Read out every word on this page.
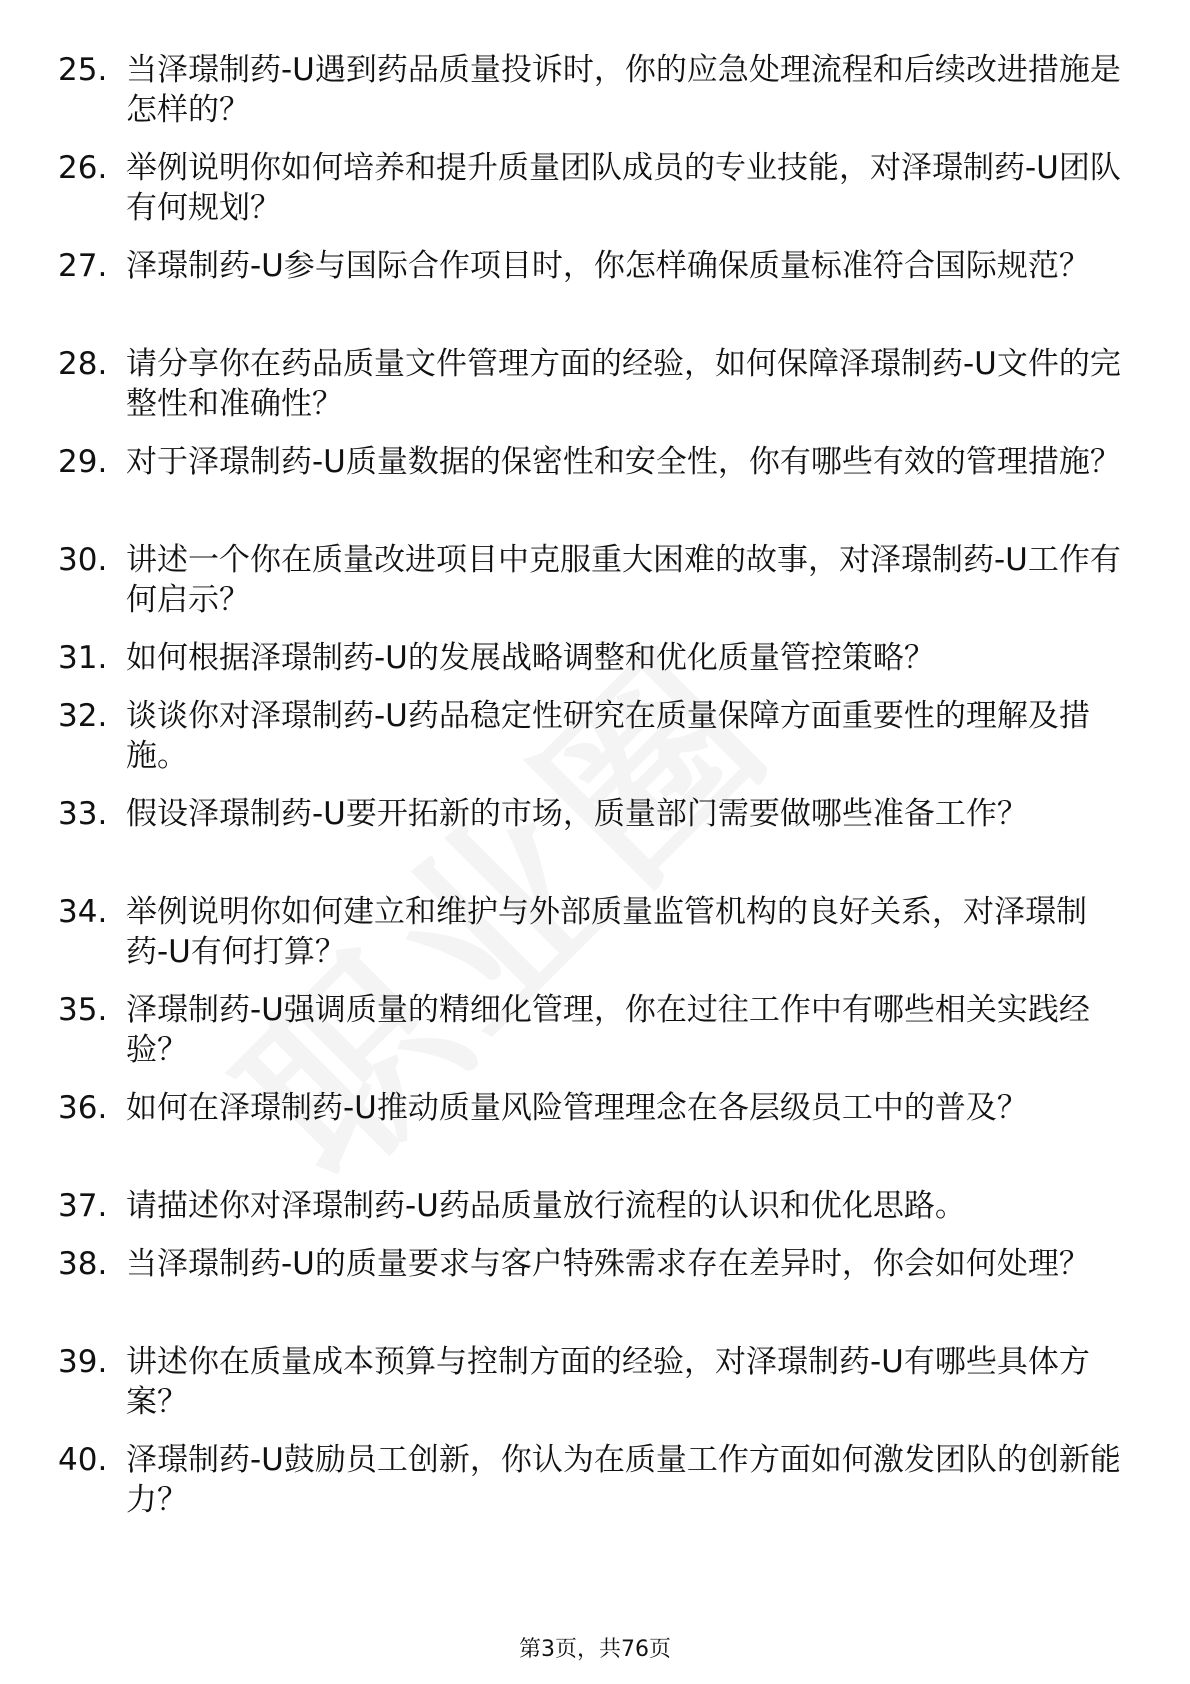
25. 当泽璟制药-U遇到药品质量投诉时，你的应急处理流程和后续改进措施是怎样的？
26. 举例说明你如何培养和提升质量团队成员的专业技能，对泽璟制药-U团队有何规划？
27. 泽璟制药-U参与国际合作项目时，你怎样确保质量标准符合国际规范？
28. 请分享你在药品质量文件管理方面的经验，如何保障泽璟制药-U文件的完整性和准确性？
29. 对于泽璟制药-U质量数据的保密性和安全性，你有哪些有效的管理措施？
30. 讲述一个你在质量改进项目中克服重大困难的故事，对泽璟制药-U工作有何启示？
31. 如何根据泽璟制药-U的发展战略调整和优化质量管控策略？
32. 谈谈你对泽璟制药-U药品稳定性研究在质量保障方面重要性的理解及措施。
33. 假设泽璟制药-U要开拓新的市场，质量部门需要做哪些准备工作？
34. 举例说明你如何建立和维护与外部质量监管机构的良好关系，对泽璟制药-U有何打算？
35. 泽璟制药-U强调质量的精细化管理，你在过往工作中有哪些相关实践经验？
36. 如何在泽璟制药-U推动质量风险管理理念在各层级员工中的普及？
37. 请描述你对泽璟制药-U药品质量放行流程的认识和优化思路。
38. 当泽璟制药-U的质量要求与客户特殊需求存在差异时，你会如何处理？
39. 讲述你在质量成本预算与控制方面的经验，对泽璟制药-U有哪些具体方案？
40. 泽璟制药-U鼓励员工创新，你认为在质量工作方面如何激发团队的创新能力？
第3页，共76页
